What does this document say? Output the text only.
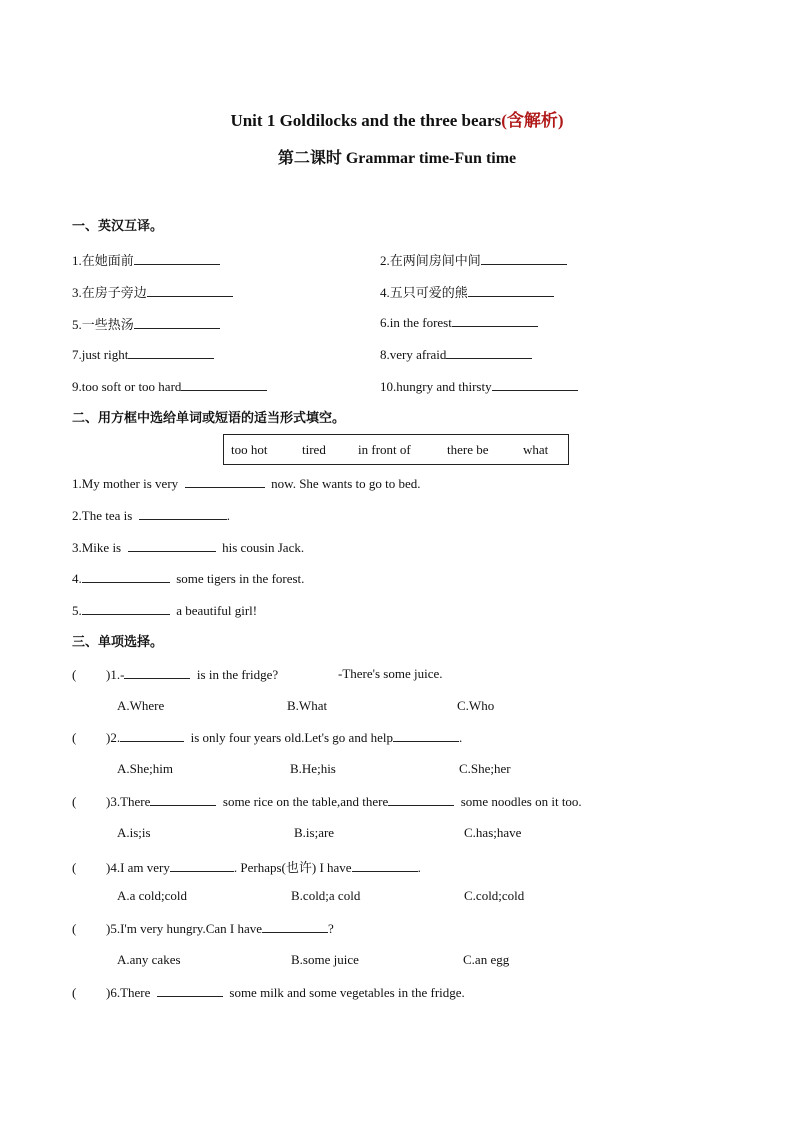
Unit 1 Goldilocks and the three bears(含解析)
第二课时 Grammar time-Fun time
一、英汉互译。
1.在她面前	2.在两间房间中间
3.在房子旁边	4.五只可爱的熊
5.一些热汤	6.in the forest
7.just right	8.very afraid
9.too soft or too hard	10.hungry and thirsty
二、用方框中选给单词或短语的适当形式填空。
too hot	tired in front of	there be	what
1.My mother is very	now. She wants to go to bed.
2.The tea is	.
3.Mike is	his cousin Jack.
4.	some tigers in the forest.
5.	a beautiful girl!
三、单项选择。
( )1.-	is in the fridge?	-There's some juice.
A.Where	B.What	C.Who
( )2.	is only four years old.Let's go and help	.
A.She;him	B.He;his	C.She;her
( )3.There	some rice on the table,and there	some noodles on it too.
A.is;is	B.is;are	C.has;have
( )4.I am very	. Perhaps(也许) I have	.
A.a cold;cold	B.cold;a cold	C.cold;cold
( )5.I'm very hungry.Can I have	?
A.any cakes	B.some juice	C.an egg
( )6.There	some milk and some vegetables in the fridge.
